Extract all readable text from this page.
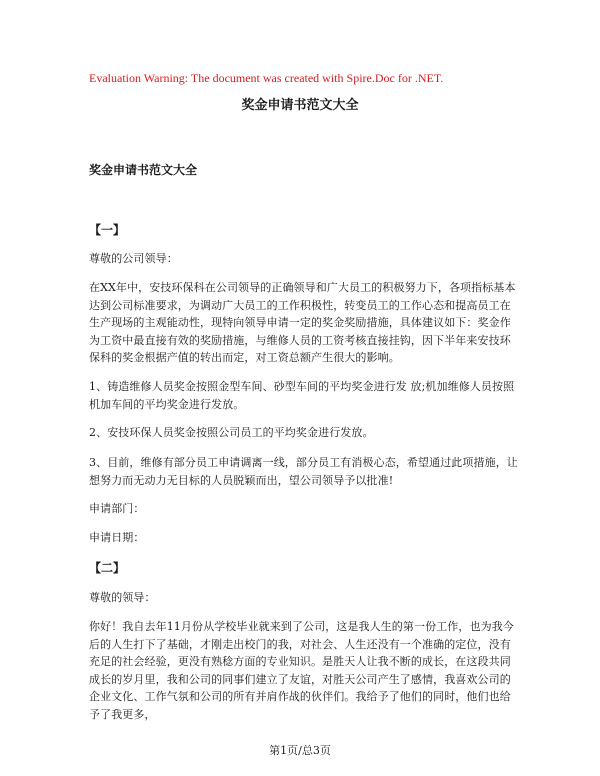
Evaluation Warning: The document was created with Spire.Doc for .NET.
奖金申请书范文大全
奖金申请书范文大全
【一】
尊敬的公司领导：
在XX年中，安技环保科在公司领导的正确领导和广大员工的积极努力下，各项指标基本达到公司标准要求，为调动广大员工的工作积极性，转变员工的工作心态和提高员工在生产现场的主观能动性，现特向领导申请一定的奖金奖励措施，具体建议如下：奖金作为工资中最直接有效的奖励措施，与维修人员的工资考核直接挂钩，因下半年来安技环保科的奖金根据产值的转出而定，对工资总额产生很大的影响。
1、铸造维修人员奖金按照金型车间、砂型车间的平均奖金进行发 放;机加维修人员按照机加车间的平均奖金进行发放。
2、安技环保人员奖金按照公司员工的平均奖金进行发放。
3、目前，维修有部分员工申请调离一线，部分员工有消极心态，希望通过此项措施，让想努力而无动力无目标的人员脱颖而出，望公司领导予以批准!
申请部门：
申请日期：
【二】
尊敬的领导：
你好！我自去年11月份从学校毕业就来到了公司，这是我人生的第一份工作，也为我今后的人生打下了基础，才刚走出校门的我，对社会、人生还没有一个准确的定位，没有充足的社会经验，更没有熟稔方面的专业知识。是胜天人让我不断的成长，在这段共同成长的岁月里，我和公司的同事们建立了友谊，对胜天公司产生了感情，我喜欢公司的企业文化、工作气氛和公司的所有并肩作战的伙伴们。我给予了他们的同时，他们也给予了我更多，
第1页/总3页
